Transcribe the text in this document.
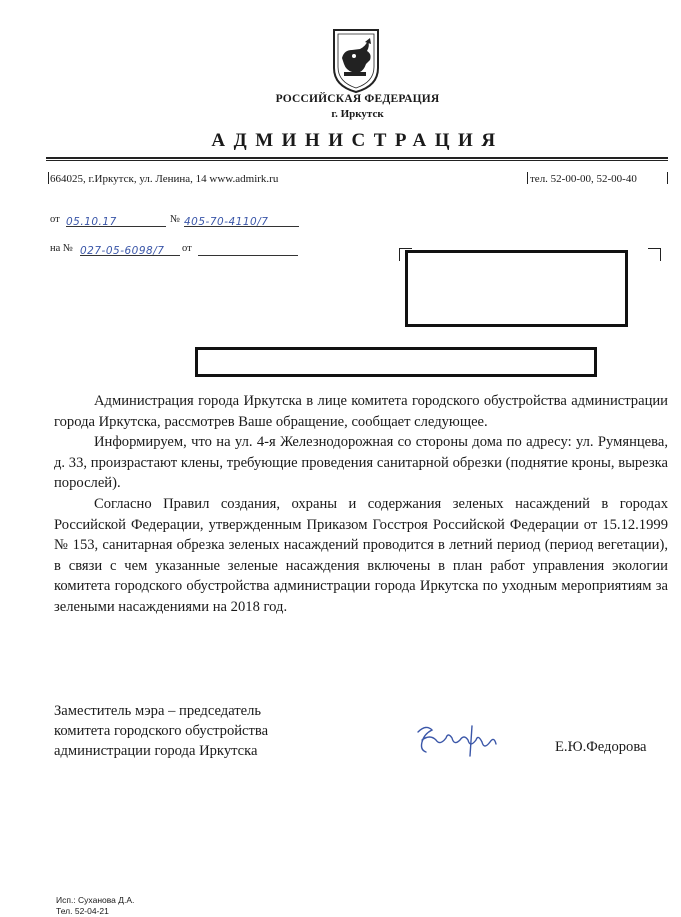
РОССИЙСКАЯ ФЕДЕРАЦИЯ
г. Иркутск
АДМИНИСТРАЦИЯ
664025, г.Иркутск, ул. Ленина, 14 www.admirk.ru	тел. 52-00-00, 52-00-40
от 05.10.17	№ 405-70-4110/7
на № 027-05-6098/7	от

Администрация города Иркутска в лице комитета городского обустройства администрации города Иркутска, рассмотрев Ваше обращение, сообщает следующее.

Информируем, что на ул. 4-я Железнодорожная со стороны дома по адресу: ул. Румянцева, д. 33, произрастают клены, требующие проведения санитарной обрезки (поднятие кроны, вырезка порослей).

Согласно Правил создания, охраны и содержания зеленых насаждений в городах Российской Федерации, утвержденным Приказом Госстроя Российской Федерации от 15.12.1999 № 153, санитарная обрезка зеленых насаждений проводится в летний период (период вегетации), в связи с чем указанные зеленые насаждения включены в план работ управления экологии комитета городского обустройства администрации города Иркутска по уходным мероприятиям за зелеными насаждениями на 2018 год.

Заместитель мэра – председатель
комитета городского обустройства
администрации города Иркутска	Е.Ю.Федорова
Исп.: Суханова Д.А.
Тел. 52-04-21
